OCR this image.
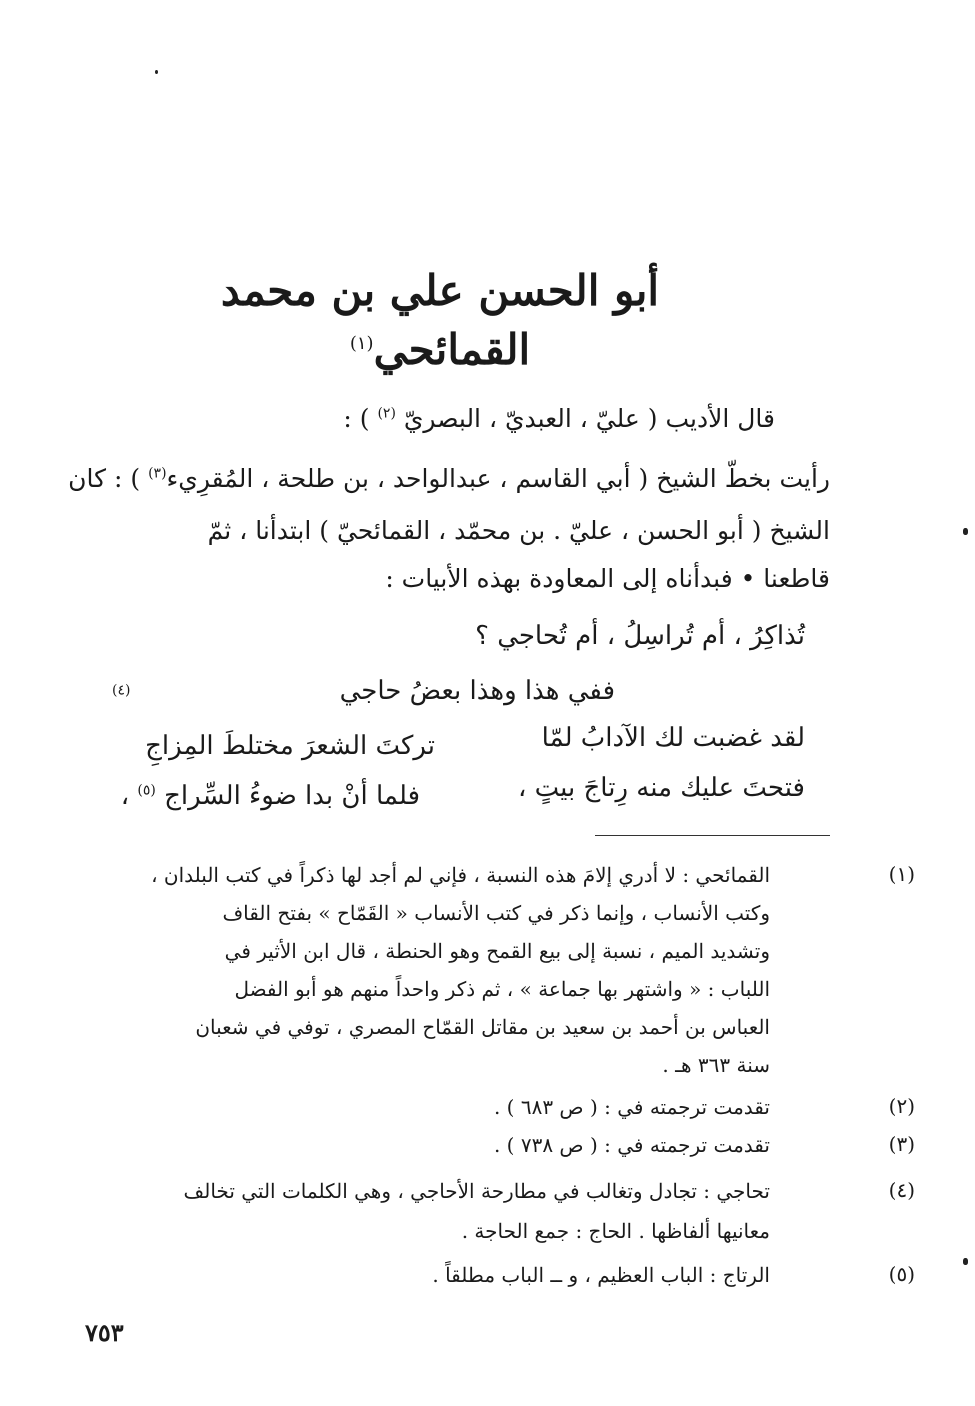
أبو الحسن علي بن محمد القمائحي$^{(١)}$
قال الأديب ( عليّ ، العبديّ ، البصريّ $^{(٢)}$ ) :
رأيت بخطّ الشيخ ( أبي القاسم ، عبدالواحد ، بن طلحة ، المُقرِيء$^{(٣)}$ ) : كان
الشيخ ( أبو الحسن ، عليّ . بن محمّد ، القمائحيّ ) ابتدأنا ، ثمّ
قاطعنا • فبدأناه إلى المعاودة بهذه الأبيات :
تُذاكِرُ ، أم تُراسِلُ ، أم تُحاجي ؟
ففي هذا وهذا بعضُ حاجي
$^{(٤)}$
لقد غضبت لك الآدابُ لمّا
تركتَ الشعرَ مختلطَ المِزاجِ
فتحتَ عليك منه رِتاجَ بيتٍ ،
فلما أنْ بدا ضوءُ السِّراج $^{(٥)}$ ،
(١)
القمائحي : لا أدري إلامَ هذه النسبة ، فإني لم أجد لها ذكراً في كتب البلدان ،
وكتب الأنساب ، وإنما ذكر في كتب الأنساب « القَمّاح » بفتح القاف
وتشديد الميم ، نسبة إلى بيع القمح وهو الحنطة ، قال ابن الأثير في
اللباب : « واشتهر بها جماعة » ، ثم ذكر واحداً منهم هو أبو الفضل
العباس بن أحمد بن سعيد بن مقاتل القمّاح المصري ، توفي في شعبان
سنة ٣٦٣ هـ .
(٢)
تقدمت ترجمته في : ( ص ٦٨٣ ) .
(٣)
تقدمت ترجمته في : ( ص ٧٣٨ ) .
(٤)
تحاجي : تجادل وتغالب في مطارحة الأحاجي ، وهي الكلمات التي تخالف
معانيها ألفاظها . الحاج : جمع الحاجة .
(٥)
الرتاج : الباب العظيم ، و ــ الباب مطلقاً .
٧٥٣
